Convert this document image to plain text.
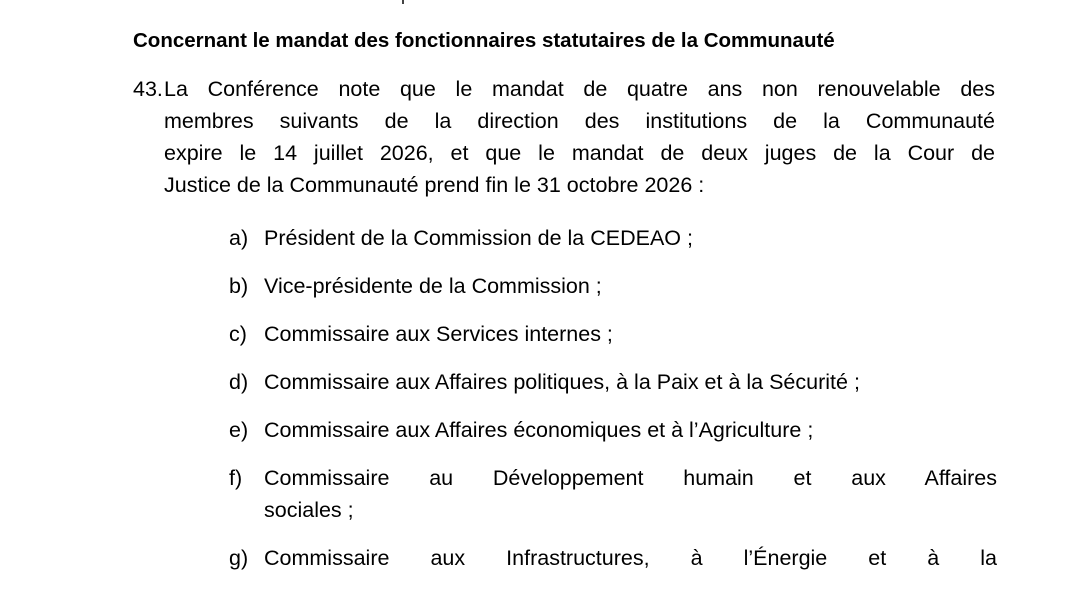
Concernant le mandat des fonctionnaires statutaires de la Communauté
43. La Conférence note que le mandat de quatre ans non renouvelable des
membres suivants de la direction des institutions de la Communauté
expire le 14 juillet 2026, et que le mandat de deux juges de la Cour de
Justice de la Communauté prend fin le 31 octobre 2026 :
a) Président de la Commission de la CEDEAO ;
b) Vice-présidente de la Commission ;
c) Commissaire aux Services internes ;
d) Commissaire aux Affaires politiques, à la Paix et à la Sécurité ;
e) Commissaire aux Affaires économiques et à l’Agriculture ;
f)	Commissaire au Développement humain et aux Affaires
sociales ;
g) Commissaire aux Infrastructures, à l’Énergie et à la
